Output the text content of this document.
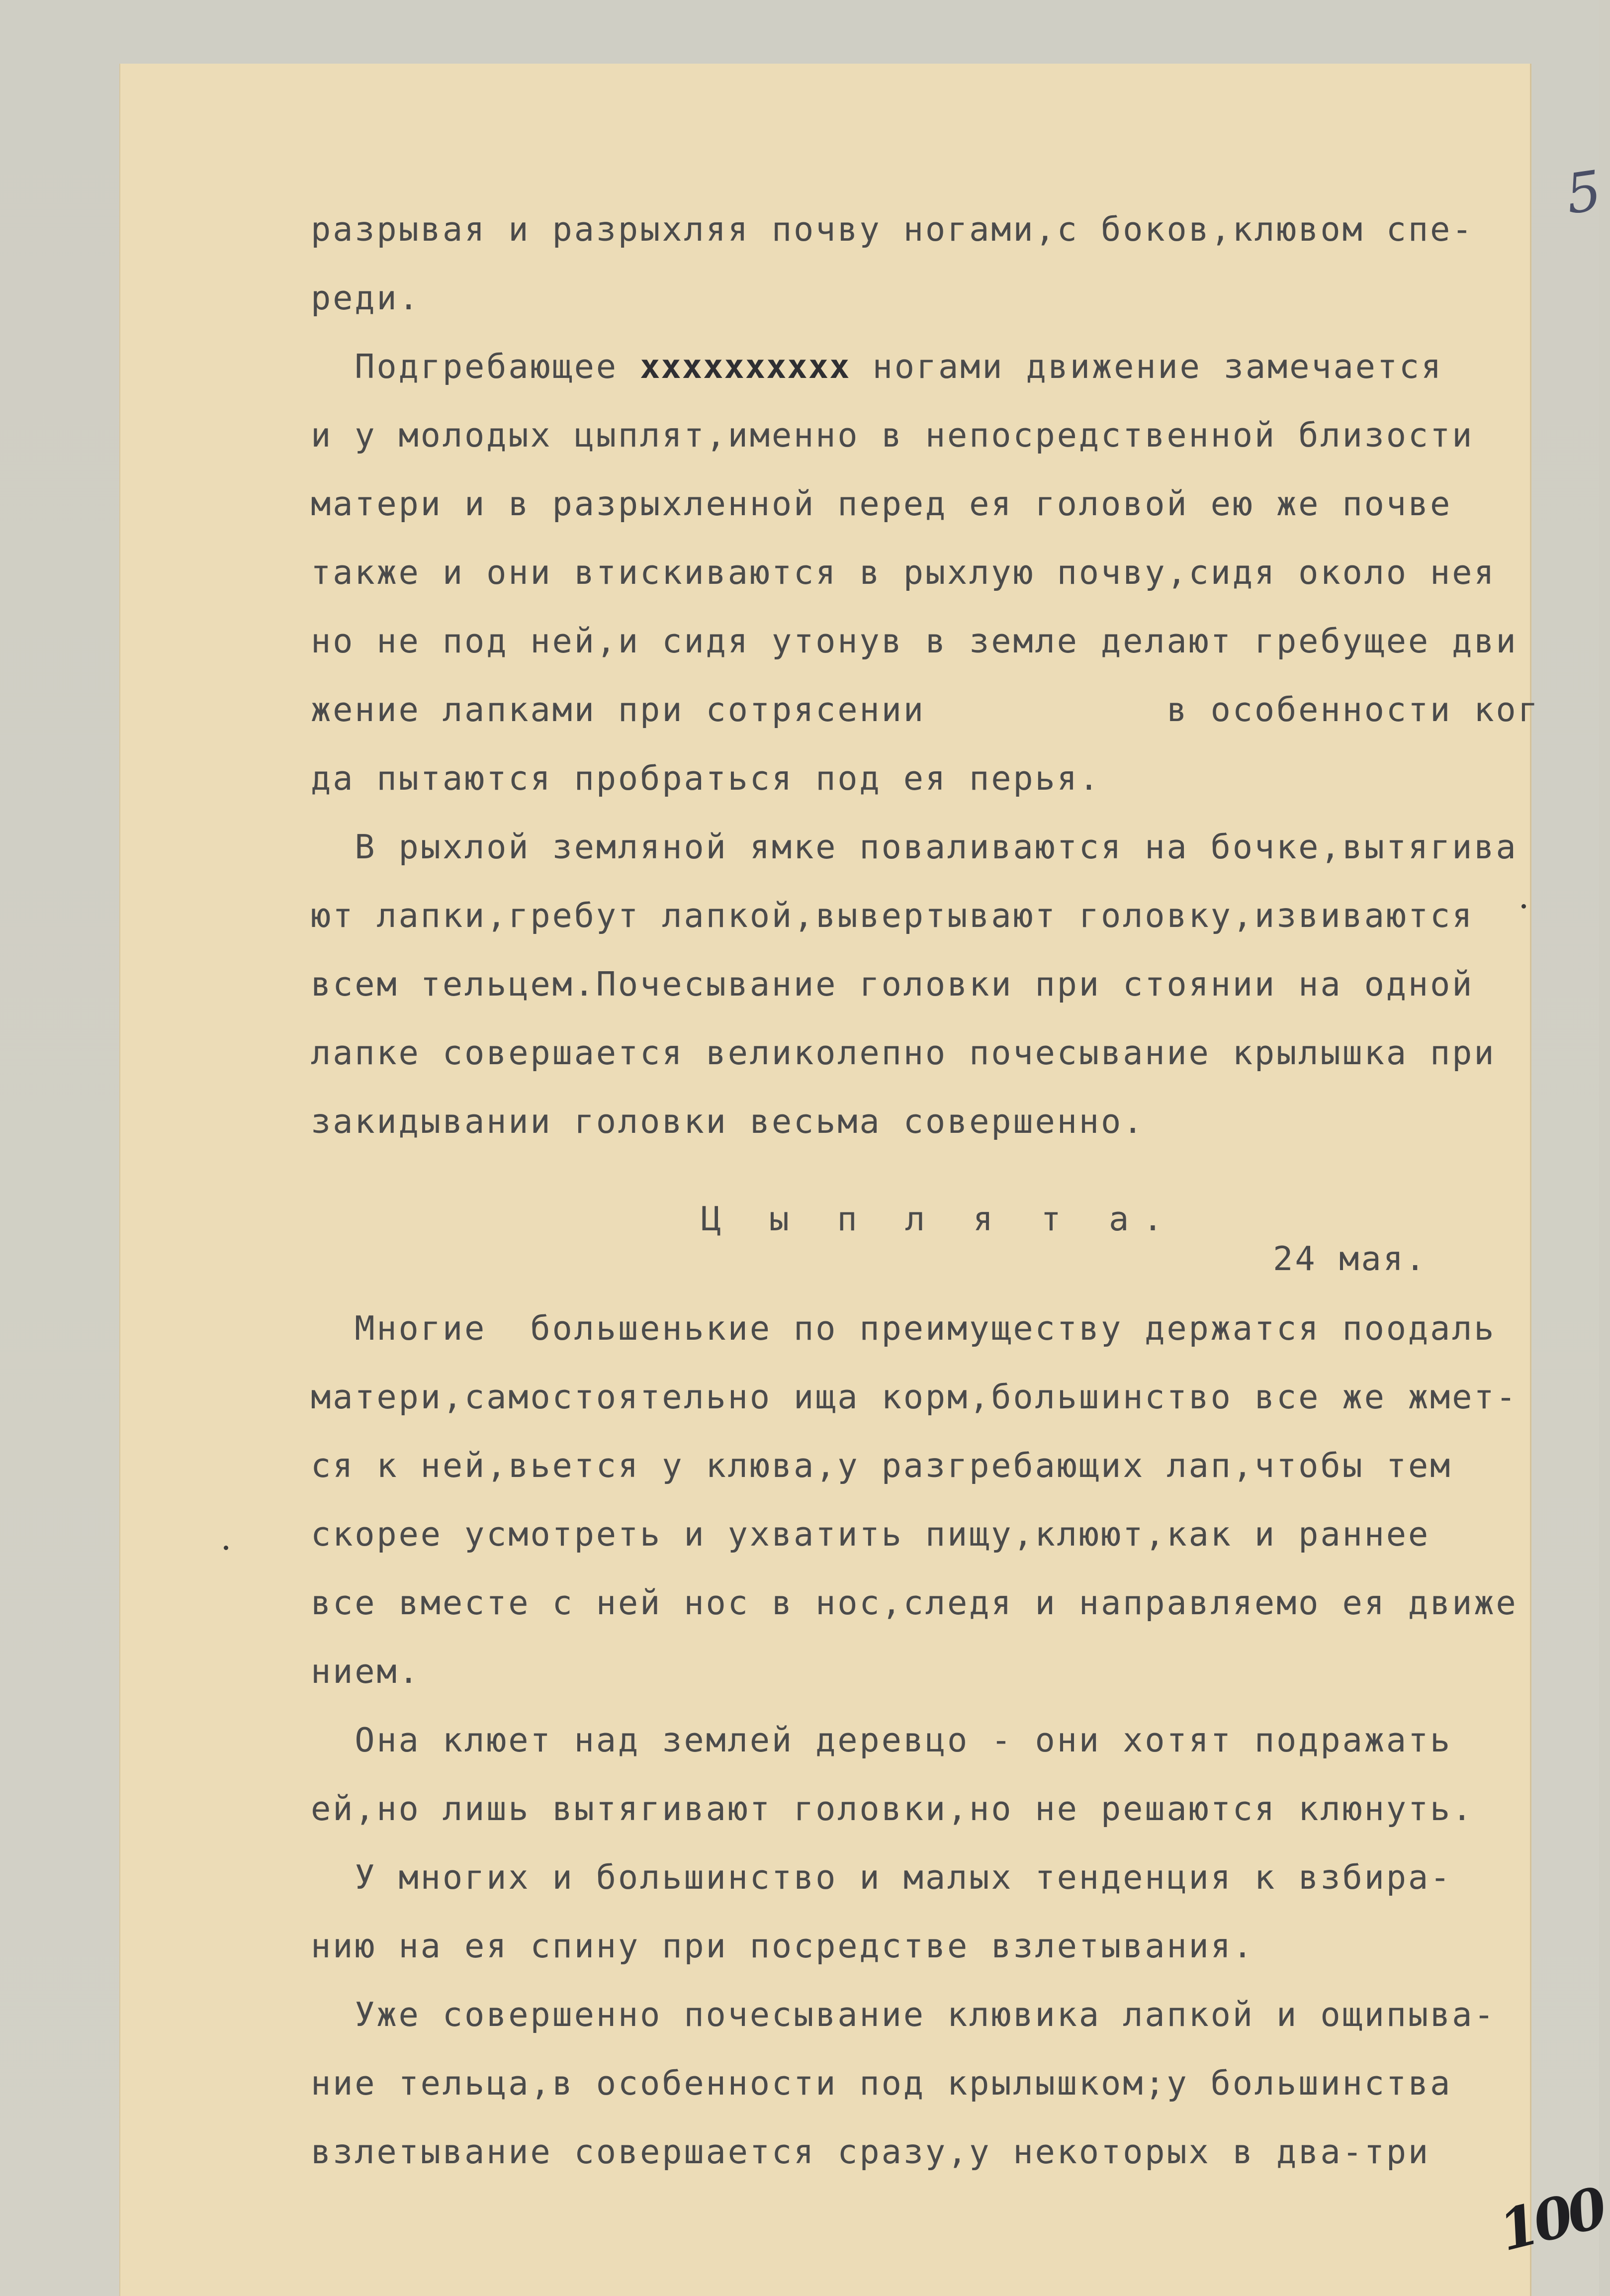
5
разрывая и разрыхляя почву ногами,с боков,клювом спе-
реди.
Подгребающее xxxxxxxxxx ногами движение замечается
и у молодых цыплят,именно в непосредственной близости
матери и в разрыхленной перед ея головой ею же почве
также и они втискиваются в рыхлую почву,сидя около нея
но не под ней,и сидя утонув в земле делают гребущее дви
жение лапками при сотрясении           в особенности ког
да пытаются пробраться под ея перья.
В рыхлой земляной ямке поваливаются на бочке,вытягива
ют лапки,гребут лапкой,вывертывают головку,извиваются
всем тельцем.Почесывание головки при стоянии на одной
лапке совершается великолепно почесывание крылышка при
закидывании головки весьма совершенно.
Ц ы п л я т а.
24 мая.
Многие  большенькие по преимуществу держатся поодаль
матери,самостоятельно ища корм,большинство все же жмет-
ся к ней,вьется у клюва,у разгребающих лап,чтобы тем
скорее усмотреть и ухватить пищу,клюют,как и раннее
все вместе с ней нос в нос,следя и направляемо ея движе
нием.
Она клюет над землей деревцо - они хотят подражать
ей,но лишь вытягивают головки,но не решаются клюнуть.
У многих и большинство и малых тенденция к взбира-
нию на ея спину при посредстве взлетывания.
Уже совершенно почесывание клювика лапкой и ощипыва-
ние тельца,в особенности под крылышком;у большинства
взлетывание совершается сразу,у некоторых в два-три
100
